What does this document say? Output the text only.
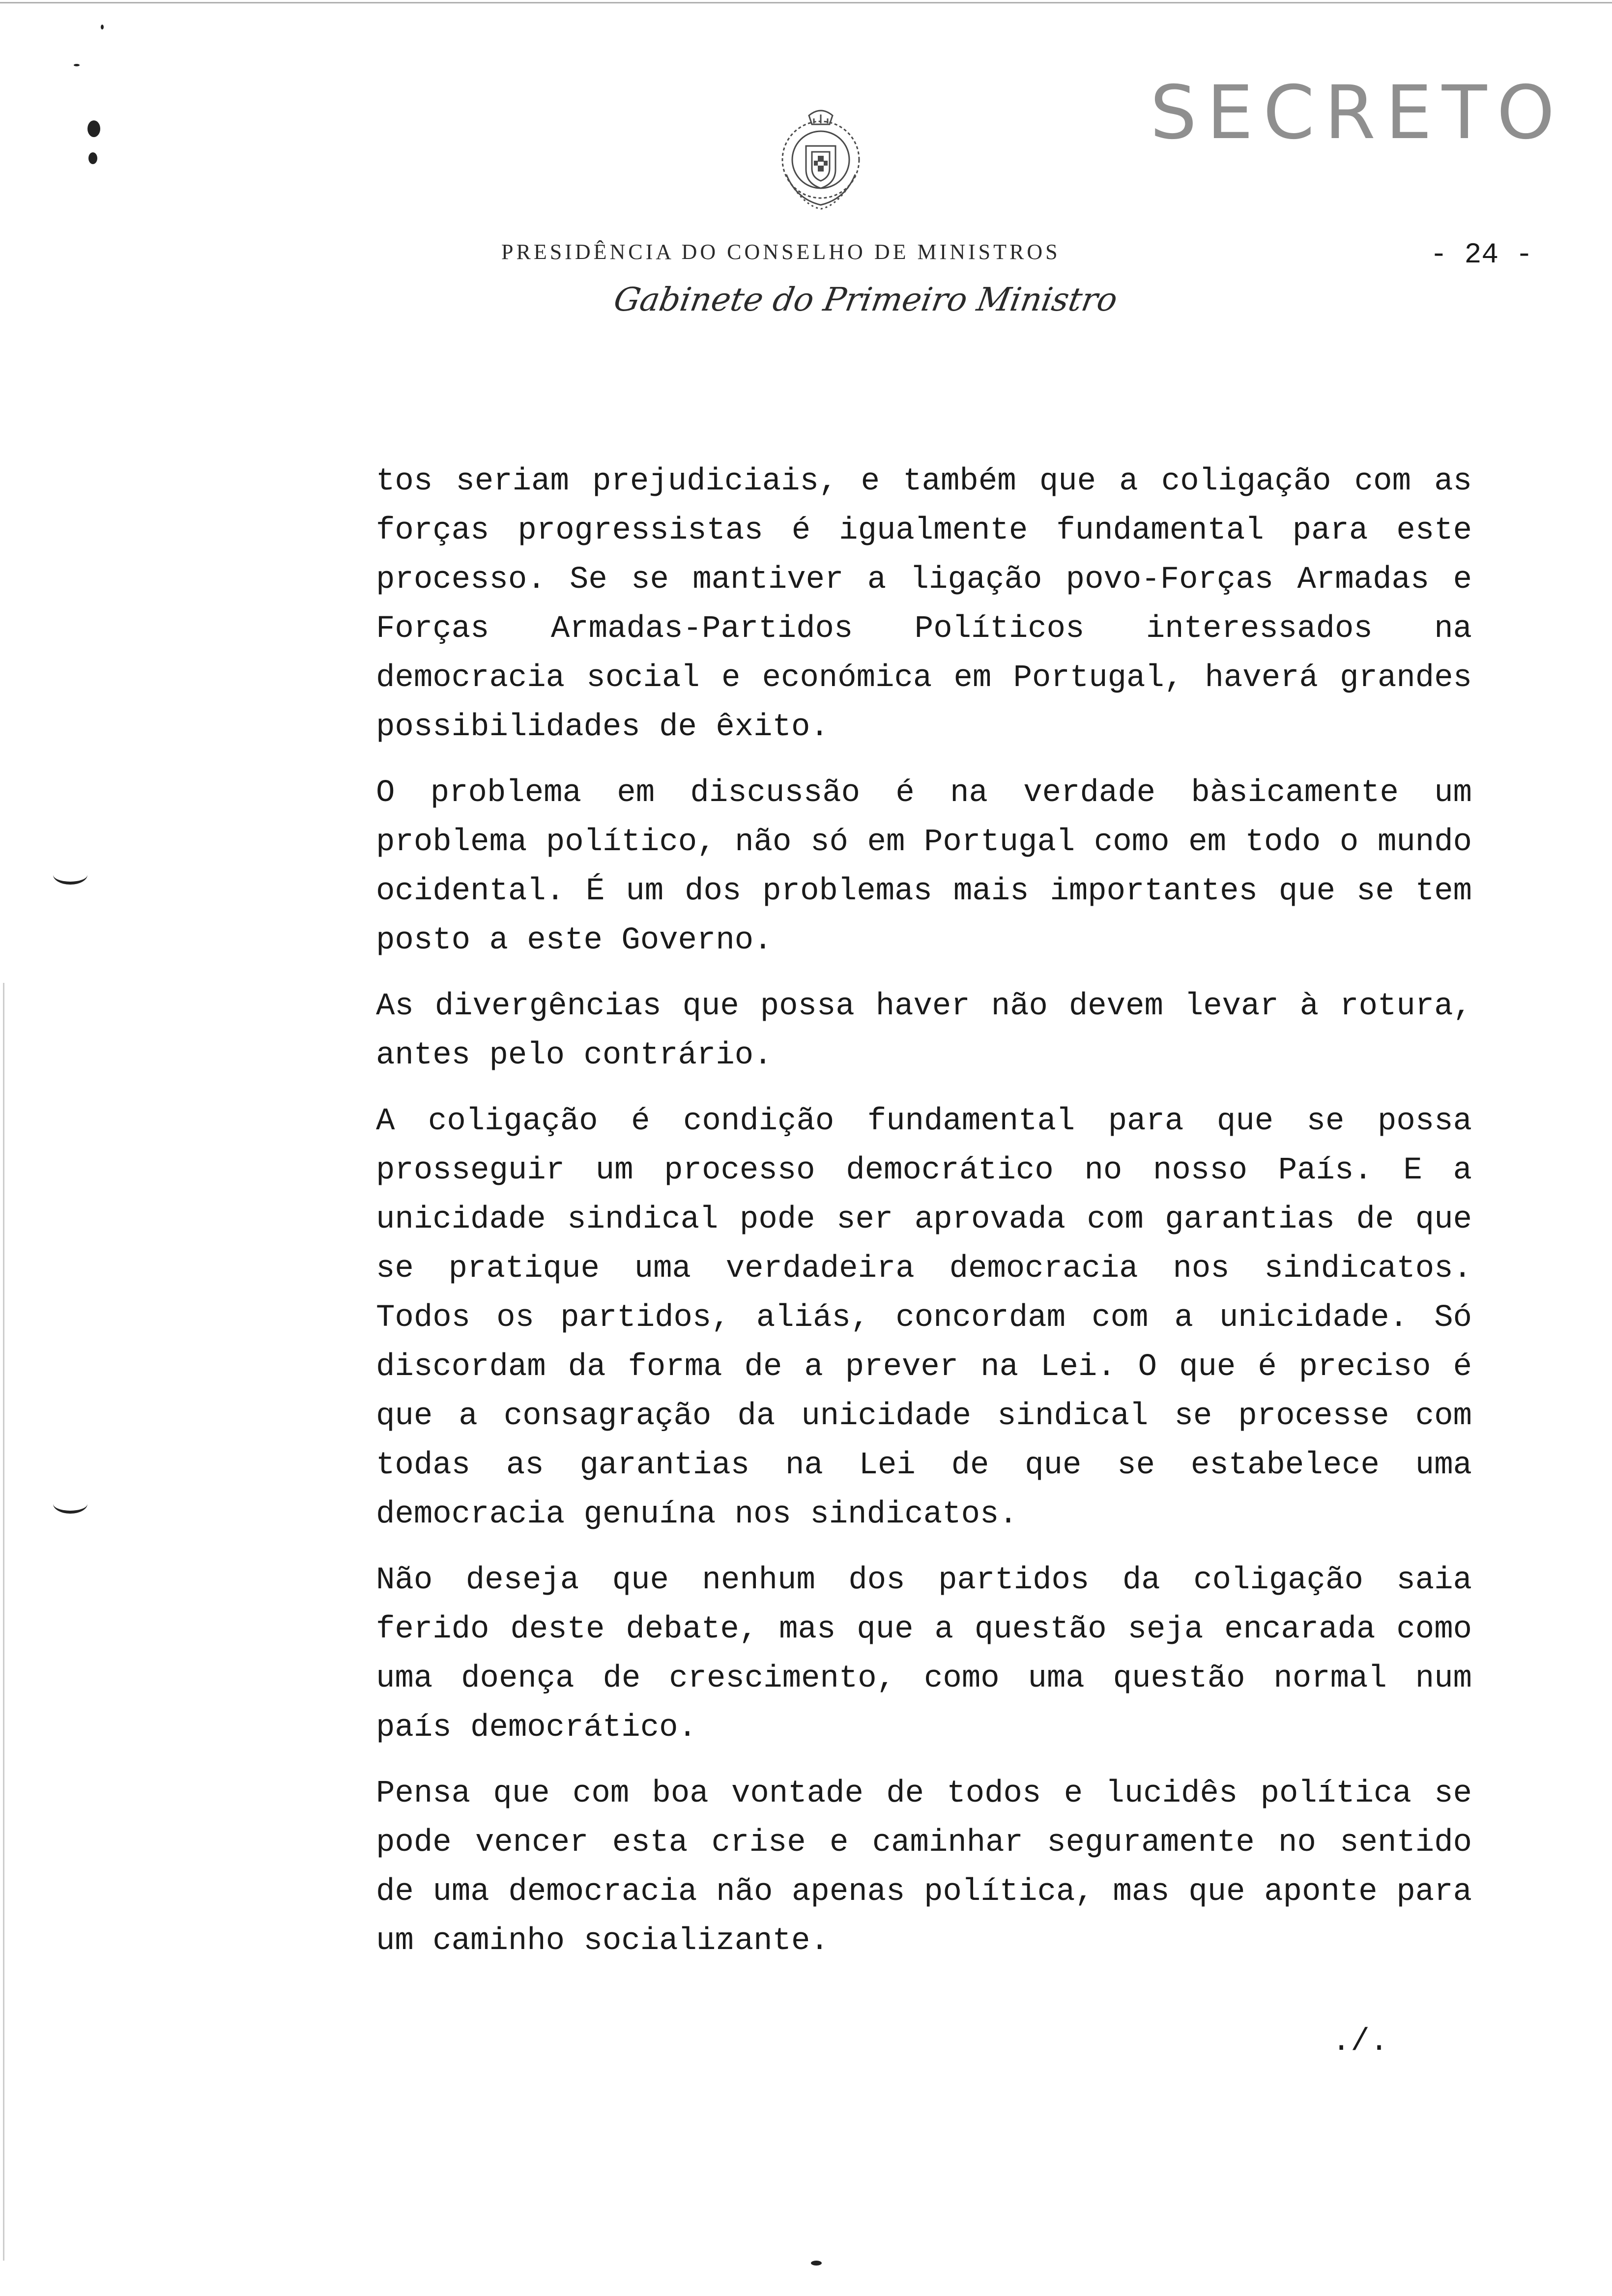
SECRETO
PRESIDÊNCIA DO CONSELHO DE MINISTROS
Gabinete do Primeiro Ministro
- 24 -

tos seriam prejudiciais, e também que a coligação com as forças progressistas é igualmente fundamental para este processo. Se se mantiver a ligação povo-Forças Armadas e Forças Armadas-Partidos Políticos interessados na democracia social e económica em Portugal, haverá grandes possibilidades de êxito.

O problema em discussão é na verdade bàsicamente um problema político, não só em Portugal como em todo o mundo ocidental. É um dos problemas mais importantes que se tem posto a este Governo.

As divergências que possa haver não devem levar à rotura, antes pelo contrário.

A coligação é condição fundamental para que se possa prosseguir um processo democrático no nosso País. E a unicidade sindical pode ser aprovada com garantias de que se pratique uma verdadeira democracia nos sindicatos. Todos os partidos, aliás, concordam com a unicidade. Só discordam da forma de a prever na Lei. O que é preciso é que a consagração da unicidade sindical se processe com todas as garantias na Lei de que se estabelece uma democracia genuína nos sindicatos.

Não deseja que nenhum dos partidos da coligação saia ferido deste debate, mas que a questão seja encarada como uma doença de crescimento, como uma questão normal num país democrático.

Pensa que com boa vontade de todos e lucidês política se pode vencer esta crise e caminhar seguramente no sentido de uma democracia não apenas política, mas que aponte para um caminho socializante.

./.
